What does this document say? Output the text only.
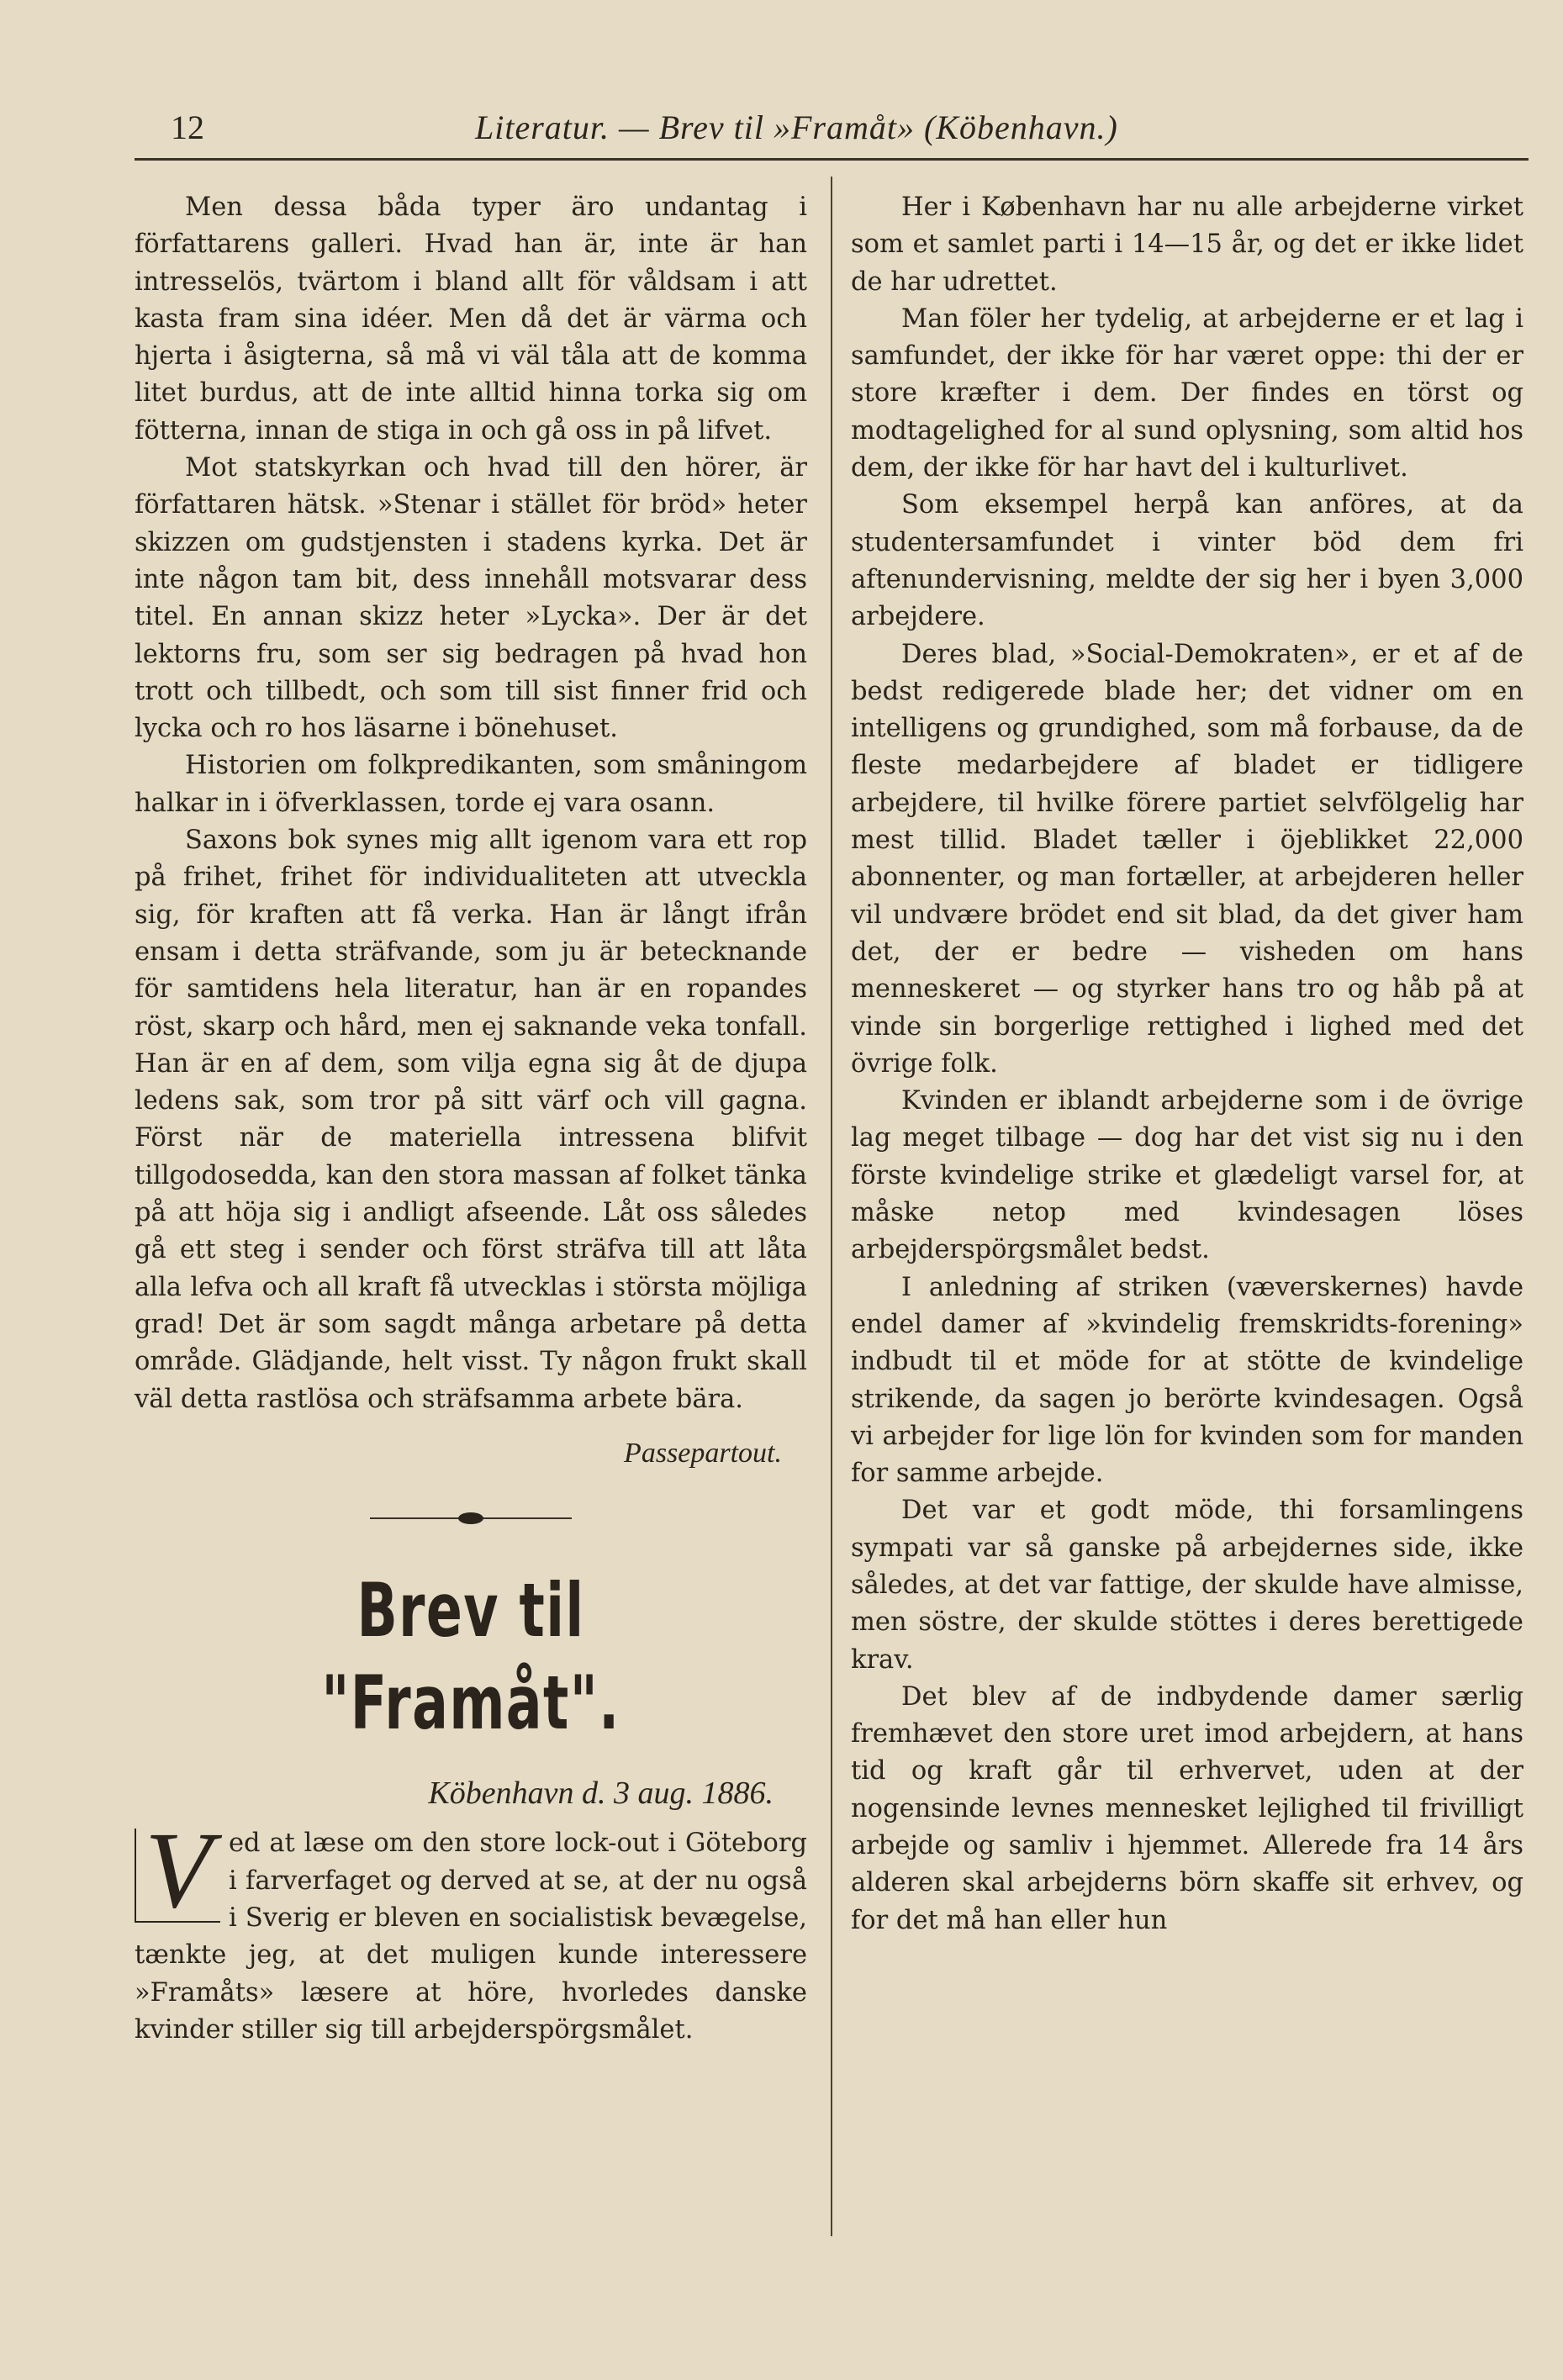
12	Literatur. — Brev til »Framåt» (Köbenhavn.)

Men dessa båda typer äro undantag i författarens galleri. Hvad han är, inte är han intresselös, tvärtom i bland allt för våldsam i att kasta fram sina idéer. Men då det är värma och hjerta i åsigterna, så må vi väl tåla att de komma litet burdus, att de inte alltid hinna torka sig om fötterna, innan de stiga in och gå oss in på lifvet.

Mot statskyrkan och hvad till den hörer, är författaren hätsk. »Stenar i stället för bröd» heter skizzen om gudstjensten i stadens kyrka. Det är inte någon tam bit, dess innehåll motsvarar dess titel. En annan skizz heter »Lycka». Der är det lektorns fru, som ser sig bedragen på hvad hon trott och tillbedt, och som till sist finner frid och lycka och ro hos läsarne i bönehuset.

Historien om folkpredikanten, som småningom halkar in i öfverklassen, torde ej vara osann.

Saxons bok synes mig allt igenom vara ett rop på frihet, frihet för individualiteten att utveckla sig, för kraften att få verka. Han är långt ifrån ensam i detta sträfvande, som ju är betecknande för samtidens hela literatur, han är en ropandes röst, skarp och hård, men ej saknande veka tonfall. Han är en af dem, som vilja egna sig åt de djupa ledens sak, som tror på sitt värf och vill gagna. Först när de materiella intressena blifvit tillgodosedda, kan den stora massan af folket tänka på att höja sig i andligt afseende. Låt oss således gå ett steg i sender och först sträfva till att låta alla lefva och all kraft få utvecklas i största möjliga grad! Det är som sagdt många arbetare på detta område. Glädjande, helt visst. Ty någon frukt skall väl detta rastlösa och sträfsamma arbete bära.

Passepartout.
Brev til "Framåt".
Köbenhavn d. 3 aug. 1886.
V ed at læse om den store lock-out i Göteborg i farverfaget og derved at se, at der nu også i Sverig er bleven en socialistisk bevægelse, tænkte jeg, at det muligen kunde interessere »Framåts» læsere at höre, hvorledes danske kvinder stiller sig till arbejderspörgsmålet.

Her i København har nu alle arbejderne virket som et samlet parti i 14—15 år, og det er ikke lidet de har udrettet.

Man föler her tydelig, at arbejderne er et lag i samfundet, der ikke för har været oppe: thi der er store kræfter i dem. Der findes en törst og modtagelighed for al sund oplysning, som altid hos dem, der ikke för har havt del i kulturlivet.

Som eksempel herpå kan anföres, at da studentersamfundet i vinter böd dem fri aftenundervisning, meldte der sig her i byen 3,000 arbejdere.

Deres blad, »Social-Demokraten», er et af de bedst redigerede blade her; det vidner om en intelligens og grundighed, som må forbause, da de fleste medarbejdere af bladet er tidligere arbejdere, til hvilke förere partiet selvfölgelig har mest tillid. Bladet tæller i öjeblikket 22,000 abonnenter, og man fortæller, at arbejderen heller vil undvære brödet end sit blad, da det giver ham det, der er bedre — visheden om hans menneskeret — og styrker hans tro og håb på at vinde sin borgerlige rettighed i lighed med det övrige folk.

Kvinden er iblandt arbejderne som i de övrige lag meget tilbage — dog har det vist sig nu i den förste kvindelige strike et glædeligt varsel for, at måske netop med kvindesagen löses arbejderspörgsmålet bedst.

I anledning af striken (væverskernes) havde endel damer af »kvindelig fremskridts-forening» indbudt til et möde for at stötte de kvindelige strikende, da sagen jo berörte kvindesagen. Også vi arbejder for lige lön for kvinden som for manden for samme arbejde.

Det var et godt möde, thi forsamlingens sympati var så ganske på arbejdernes side, ikke således, at det var fattige, der skulde have almisse, men söstre, der skulde stöttes i deres berettigede krav.

Det blev af de indbydende damer særlig fremhævet den store uret imod arbejdern, at hans tid og kraft går til erhvervet, uden at der nogensinde levnes mennesket lejlighed til frivilligt arbejde og samliv i hjemmet. Allerede fra 14 års alderen skal arbejderns börn skaffe sit erhvev, og for det må han eller hun
